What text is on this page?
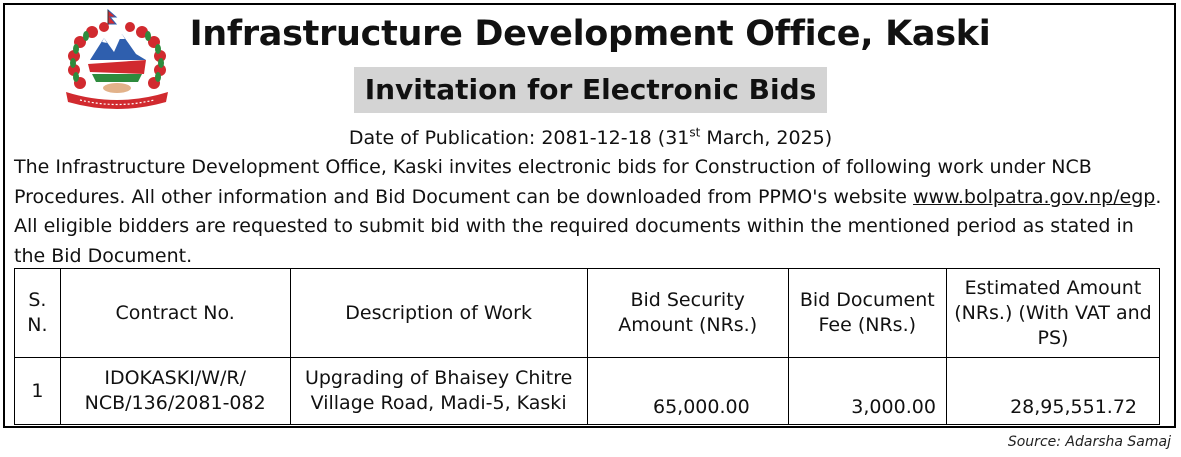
Infrastructure Development Office, Kaski
Invitation for Electronic Bids
Date of Publication: 2081-12-18 (31st March, 2025)
The Infrastructure Development Office, Kaski invites electronic bids for Construction of following work under NCB Procedures. All other information and Bid Document can be downloaded from PPMO's website www.bolpatra.gov.np/egp. All eligible bidders are requested to submit bid with the required documents within the mentioned period as stated in the Bid Document.
S. N.	Contract No.	Description of Work	Bid Security Amount (NRs.)	Bid Document Fee (NRs.)	Estimated Amount (NRs.) (With VAT and PS)
1	IDOKASKI/W/R/ NCB/136/2081-082	Upgrading of Bhaisey Chitre Village Road, Madi-5, Kaski	65,000.00	3,000.00	28,95,551.72
Source: Adarsha Samaj
